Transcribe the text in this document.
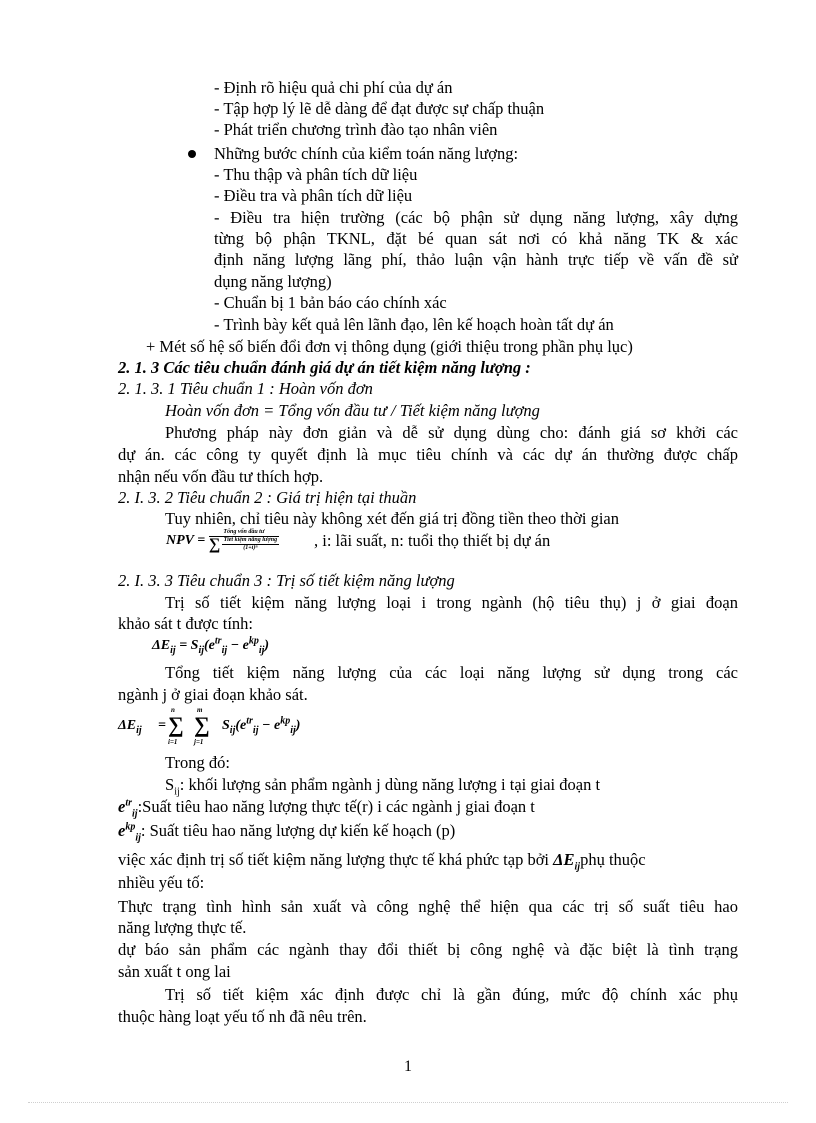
- Định rõ hiệu quả chi phí của dự án
- Tập hợp lý lẽ dễ dàng để đạt được sự chấp thuận
- Phát triển chương trình đào tạo nhân viên
Những bước chính của kiểm toán năng lượng:
- Thu thập và phân tích dữ liệu
- Điều tra và phân tích dữ liệu
- Điều tra hiện trường (các bộ phận sử dụng năng lượng, xây dựng
từng bộ phận TKNL, đặt bé quan sát nơi có khả năng TK & xác
định năng lượng lãng phí, thảo luận vận hành trực tiếp về vấn đề sử
dụng năng lượng)
- Chuẩn bị 1 bản báo cáo chính xác
- Trình bày kết quả lên lãnh đạo, lên kế hoạch hoàn tất dự án
+ Mét số hệ số biến đổi đơn vị thông dụng (giới thiệu trong phần phụ lục)
2. 1. 3 Các tiêu chuẩn đánh giá dự án tiết kiệm năng lượng :
2. 1. 3. 1 Tiêu chuẩn 1 : Hoàn vốn đơn
Hoàn vốn đơn = Tổng vốn đầu tư / Tiết kiệm năng lượng
Phương pháp này đơn giản và dễ sử dụng dùng cho: đánh giá sơ khởi các
dự án. các công ty quyết định là mục tiêu chính và các dự án thường được chấp
nhận nếu vốn đầu tư thích hợp.
2. I. 3. 2 Tiêu chuẩn 2 : Giá trị hiện tại thuần
Tuy nhiên, chỉ tiêu này không xét đến giá trị đồng tiền theo thời gian
NPV = $\frac{\text{Tổng vốn đầu tư}}{\sum \frac{\text{Tiết kiệm năng lượng}}{\text{(1+i)ⁿ}}}$ , i: lãi suất, n: tuổi thọ thiết bị dự án
2. I. 3. 3 Tiêu chuẩn 3 : Trị số tiết kiệm năng lượng
Trị số tiết kiệm năng lượng loại i trong ngành (hộ tiêu thụ) j ở giai đoạn
khảo sát t được tính:
$\Delta E_{ij} = S_{ij}(e^{tr}_{ij} - e^{kp}_{ij})$
Tổng tiết kiệm năng lượng của các loại năng lượng sử dụng trong các
ngành j ở giai đoạn khảo sát.
$\Delta E_{ij}$ =
n
∑
i=1
m
∑
j=1
$S_{ij}(e^{tr}_{ij} - e^{kp}_{ij})$
Trong đó:
$S_{ij}$: khối lượng sản phẩm ngành j dùng năng lượng i tại giai đoạn t
$e^{tr}_{ij}:Suất$ tiêu hao năng lượng thực tế(r) i các ngành j giai đoạn t
$e^{kp}_{ij}$: Suất tiêu hao năng lượng dự kiến kế hoạch (p)
việc xác định trị số tiết kiệm năng lượng thực tế khá phức tạp bởi $\Delta E_{ij}phụ$ thuộc
nhiều yếu tố:
Thực trạng tình hình sản xuất và công nghệ thể hiện qua các trị số suất tiêu hao
năng lượng thực tế.
dự báo sản phẩm các ngành thay đổi thiết bị công nghệ và đặc biệt là tình trạng
sản xuất t ong lai
Trị số tiết kiệm xác định được chỉ là gần đúng, mức độ chính xác phụ
thuộc hàng loạt yếu tố nh đã nêu trên.
1
